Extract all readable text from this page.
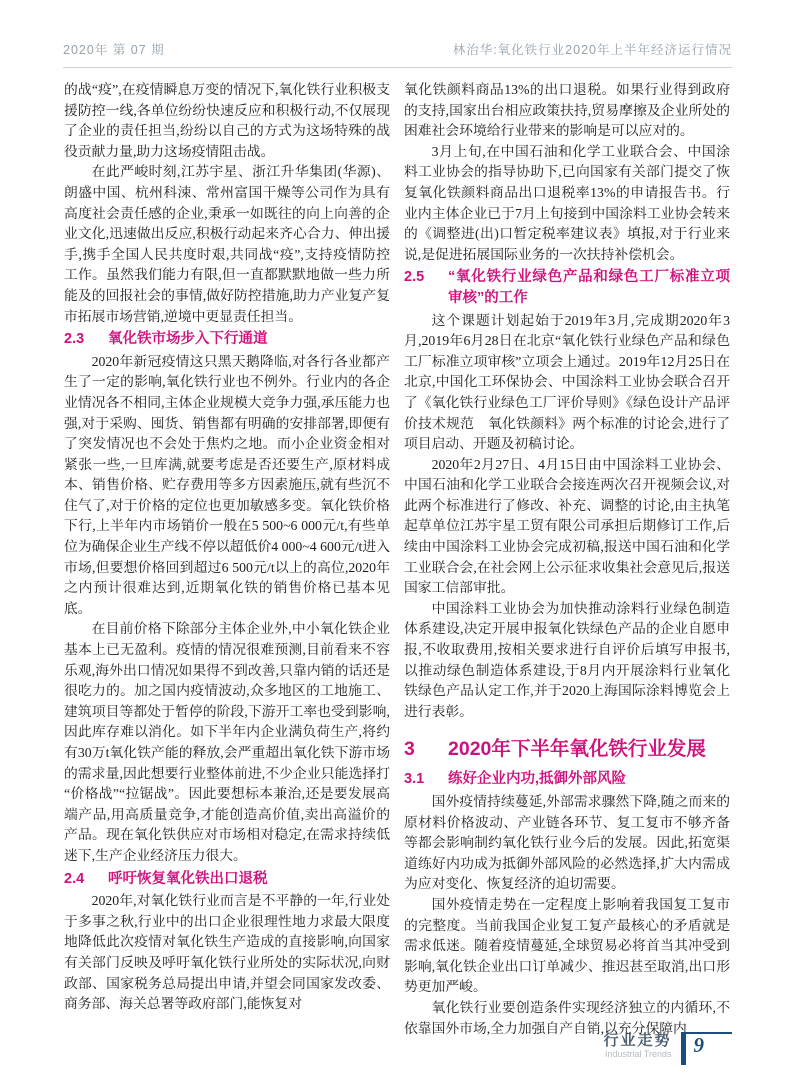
2020年 第 07 期	林治华:氧化铁行业2020年上半年经济运行情况

的战“疫”,在疫情瞬息万变的情况下,氧化铁行业积极支援防控一线,各单位纷纷快速反应和积极行动,不仅展现了企业的责任担当,纷纷以自己的方式为这场特殊的战役贡献力量,助力这场疫情阻击战。

在此严峻时刻,江苏宇星、浙江升华集团(华源)、朗盛中国、杭州科涑、常州富国干燥等公司作为具有高度社会责任感的企业,秉承一如既往的向上向善的企业文化,迅速做出反应,积极行动起来齐心合力、伸出援手,携手全国人民共度时艰,共同战“疫”,支持疫情防控工作。虽然我们能力有限,但一直都默默地做一些力所能及的回报社会的事情,做好防控措施,助力产业复产复市拓展市场营销,逆境中更显责任担当。

2.3	氧化铁市场步入下行通道

2020年新冠疫情这只黑天鹅降临,对各行各业都产生了一定的影响,氧化铁行业也不例外。行业内的各企业情况各不相同,主体企业规模大竞争力强,承压能力也强,对于采购、囤货、销售都有明确的安排部署,即便有了突发情况也不会处于焦灼之地。而小企业资金相对紧张一些,一旦库满,就要考虑是否还要生产,原材料成本、销售价格、贮存费用等多方因素施压,就有些沉不住气了,对于价格的定位也更加敏感多变。氧化铁价格下行,上半年内市场销价一般在5 500~6 000元/t,有些单位为确保企业生产线不停以超低价4 000~4 600元/t进入市场,但要想价格回到超过6 500元/t以上的高位,2020年之内预计很难达到,近期氧化铁的销售价格已基本见底。

在目前价格下除部分主体企业外,中小氧化铁企业基本上已无盈利。疫情的情况很难预测,目前看来不容乐观,海外出口情况如果得不到改善,只靠内销的话还是很吃力的。加之国内疫情波动,众多地区的工地施工、建筑项目等都处于暂停的阶段,下游开工率也受到影响,因此库存难以消化。如下半年内企业满负荷生产,将约有30万t氧化铁产能的释放,会严重超出氧化铁下游市场的需求量,因此想要行业整体前进,不少企业只能选择打“价格战”“拉锯战”。因此要想标本兼治,还是要发展高端产品,用高质量竞争,才能创造高价值,卖出高溢价的产品。现在氧化铁供应对市场相对稳定,在需求持续低迷下,生产企业经济压力很大。

2.4	呼吁恢复氧化铁出口退税

2020年,对氧化铁行业而言是不平静的一年,行业处于多事之秋,行业中的出口企业很理性地力求最大限度地降低此次疫情对氧化铁生产造成的直接影响,向国家有关部门反映及呼吁氧化铁行业所处的实际状况,向财政部、国家税务总局提出申请,并望会同国家发改委、商务部、海关总署等政府部门,能恢复对

氧化铁颜料商品13%的出口退税。如果行业得到政府的支持,国家出台相应政策扶持,贸易摩擦及企业所处的困难社会环境给行业带来的影响是可以应对的。

3月上旬,在中国石油和化学工业联合会、中国涂料工业协会的指导协助下,已向国家有关部门提交了恢复氧化铁颜料商品出口退税率13%的申请报告书。行业内主体企业已于7月上旬接到中国涂料工业协会转来的《调整进(出)口暂定税率建议表》填报,对于行业来说,是促进拓展国际业务的一次扶持补偿机会。

2.5	“氧化铁行业绿色产品和绿色工厂标准立项审核”的工作

这个课题计划起始于2019年3月,完成期2020年3月,2019年6月28日在北京“氧化铁行业绿色产品和绿色工厂标准立项审核”立项会上通过。2019年12月25日在北京,中国化工环保协会、中国涂料工业协会联合召开了《氧化铁行业绿色工厂评价导则》《绿色设计产品评价技术规范　氧化铁颜料》两个标准的讨论会,进行了项目启动、开题及初稿讨论。

2020年2月27日、4月15日由中国涂料工业协会、中国石油和化学工业联合会接连两次召开视频会议,对此两个标准进行了修改、补充、调整的讨论,由主执笔起草单位江苏宇星工贸有限公司承担后期修订工作,后续由中国涂料工业协会完成初稿,报送中国石油和化学工业联合会,在社会网上公示征求收集社会意见后,报送国家工信部审批。

中国涂料工业协会为加快推动涂料行业绿色制造体系建设,决定开展申报氧化铁绿色产品的企业自愿申报,不收取费用,按相关要求进行自评价后填写申报书,以推动绿色制造体系建设,于8月内开展涂料行业氧化铁绿色产品认定工作,并于2020上海国际涂料博览会上进行表彰。

3	2020年下半年氧化铁行业发展
3.1	练好企业内功,抵御外部风险

国外疫情持续蔓延,外部需求骤然下降,随之而来的原材料价格波动、产业链各环节、复工复市不够齐备等都会影响制约氧化铁行业今后的发展。因此,拓宽渠道练好内功成为抵御外部风险的必然选择,扩大内需成为应对变化、恢复经济的迫切需要。

国外疫情走势在一定程度上影响着我国复工复市的完整度。当前我国企业复工复产最核心的矛盾就是需求低迷。随着疫情蔓延,全球贸易必将首当其冲受到影响,氧化铁企业出口订单减少、推迟甚至取消,出口形势更加严峻。

氧化铁行业要创造条件实现经济独立的内循环,不依靠国外市场,全力加强自产自销,以充分保障内

行业走势
Industrial Trends	9
